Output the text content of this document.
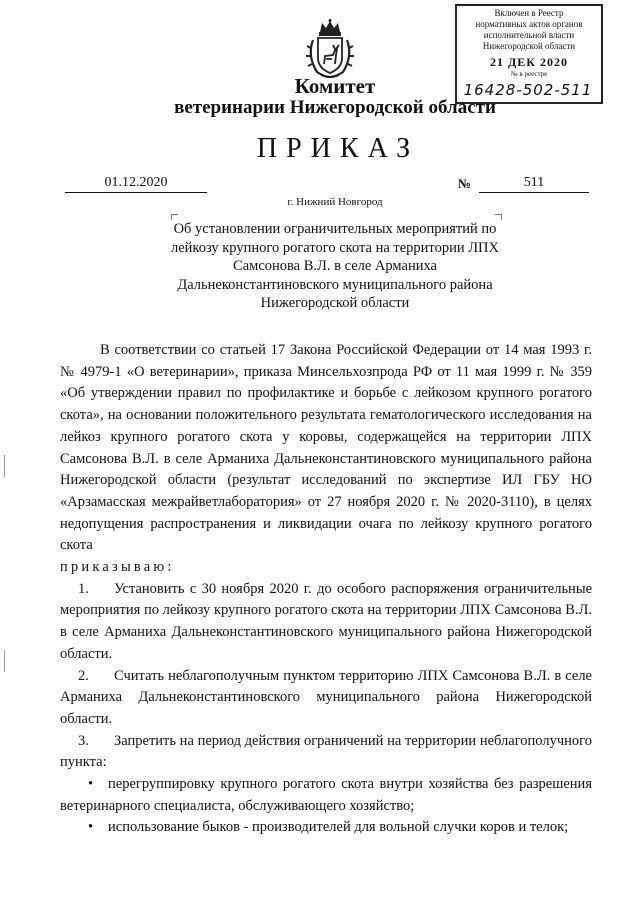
Включен в Реестр
нормативных актов органов
исполнительной власти
Нижегородской области
21 ДЕК 2020
№ в реестре
16428-502-511
Комитет
ветеринарии Нижегородской области
ПРИКАЗ
01.12.2020	№	511
г. Нижний Новгород
Об установлении ограничительных мероприятий по лейкозу крупного рогатого скота на территории ЛПХ Самсонова В.Л. в селе Арманиха Дальнеконстантиновского муниципального района Нижегородской области

В соответствии со статьей 17 Закона Российской Федерации от 14 мая 1993 г. № 4979-1 «О ветеринарии», приказа Минсельхозпрода РФ от 11 мая 1999 г. № 359 «Об утверждении правил по профилактике и борьбе с лейкозом крупного рогатого скота», на основании положительного результата гематологического исследования на лейкоз крупного рогатого скота у коровы, содержащейся на территории ЛПХ Самсонова В.Л. в селе Арманиха Дальнеконстантиновского муниципального района Нижегородской области (результат исследований по экспертизе ИЛ ГБУ НО «Арзамасская межрайветлаборатория» от 27 ноября 2020 г. № 2020-3110), в целях недопущения распространения и ликвидации очага по лейкозу крупного рогатого скота

приказываю:

1. Установить с 30 ноября 2020 г. до особого распоряжения ограничительные мероприятия по лейкозу крупного рогатого скота на территории ЛПХ Самсонова В.Л. в селе Арманиха Дальнеконстантиновского муниципального района Нижегородской области.

2. Считать неблагополучным пунктом территорию ЛПХ Самсонова В.Л. в селе Арманиха Дальнеконстантиновского муниципального района Нижегородской области.

3. Запретить на период действия ограничений на территории неблагополучного пункта:

• перегруппировку крупного рогатого скота внутри хозяйства без разрешения ветеринарного специалиста, обслуживающего хозяйство;

• использование быков - производителей для вольной случки коров и телок;
